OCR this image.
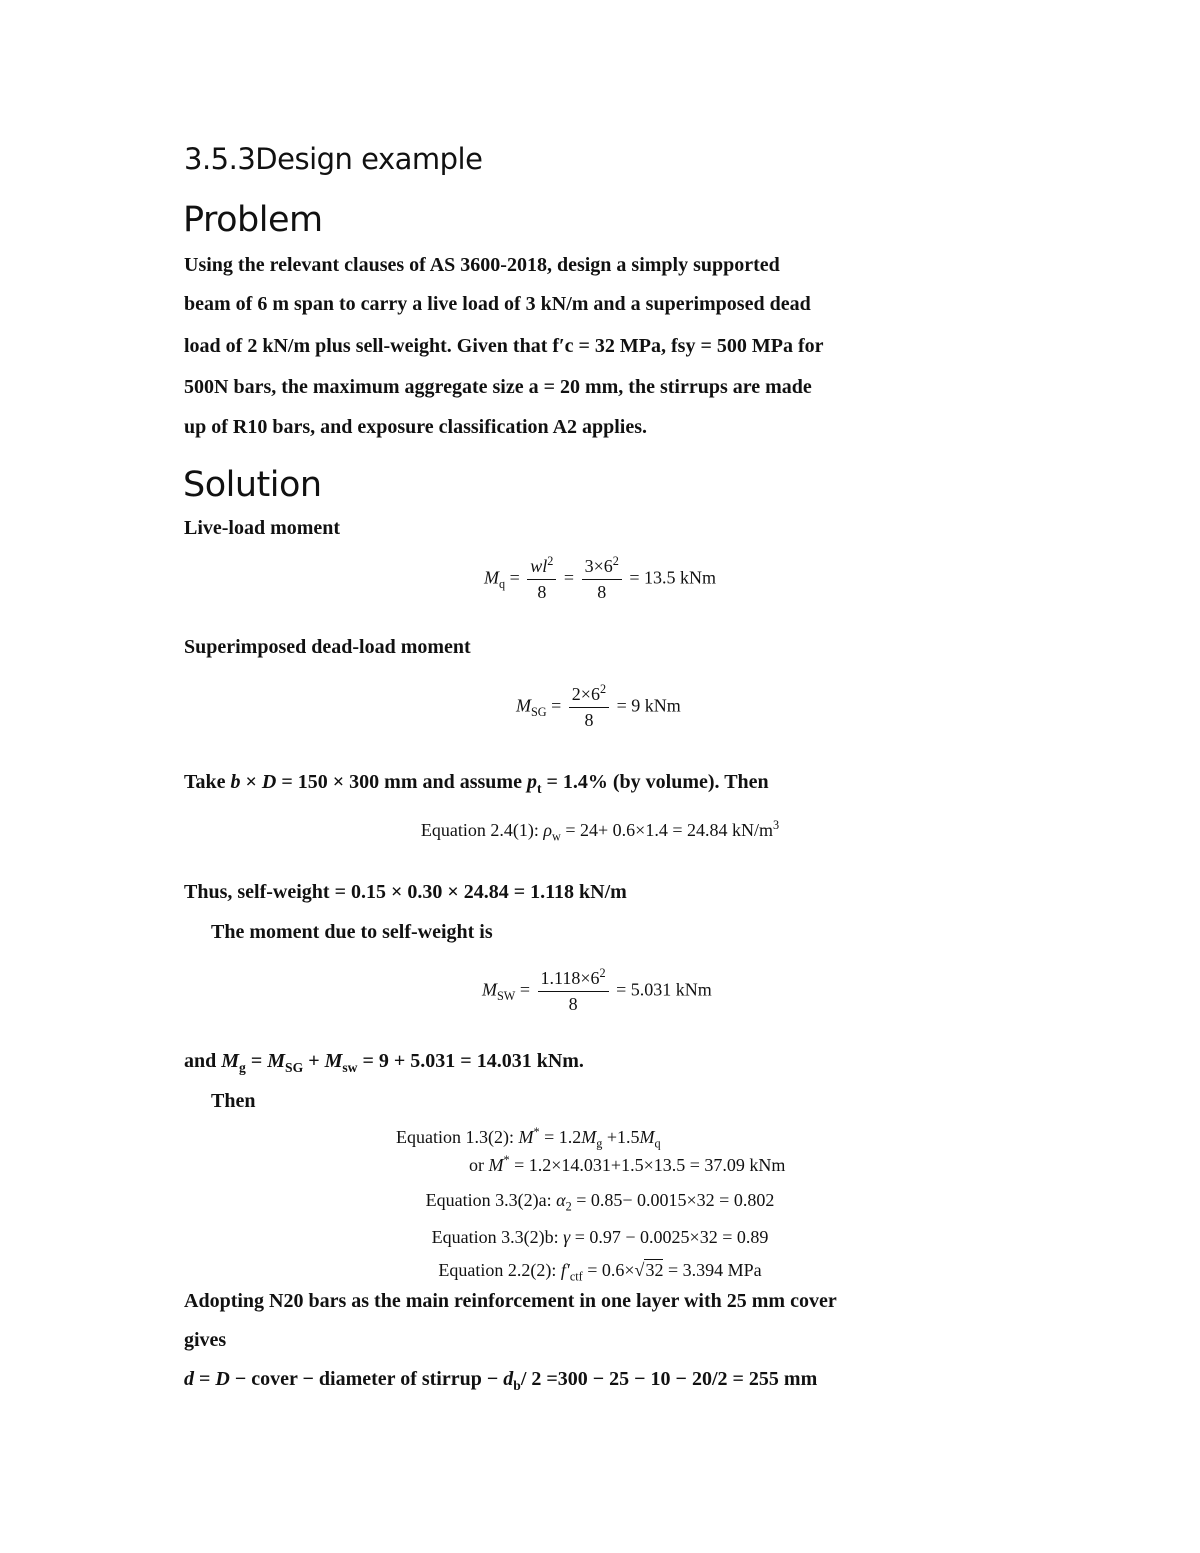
3.5.3Design example
Problem
Using the relevant clauses of AS 3600-2018, design a simply supported
beam of 6 m span to carry a live load of 3 kN/m and a superimposed dead
load of 2 kN/m plus sell-weight. Given that f′c = 32 MPa, fsy = 500 MPa for
500N bars, the maximum aggregate size a = 20 mm, the stirrups are made
up of R10 bars, and exposure classification A2 applies.
Solution
Live-load moment
$M_q = \frac{wl^2}{8} = \frac{3\times 6^2}{8} = 13.5$ kNm
Superimposed dead-load moment
$M_{SG} = \frac{2\times 6^2}{8} = 9$ kNm
Take b × D = 150 × 300 mm and assume $p_t = 1.4\%$ (by volume). Then
Equation 2.4(1): $\rho_w = 24+ 0.6\times 1.4 = 24.84$ $kN/m^3$
Thus, self-weight = 0.15 × 0.30 × 24.84 = 1.118 kN/m
The moment due to self-weight is
$M_{SW} = \frac{1.118\times 6^2}{8} = 5.031$ kNm
and $M_g = M_{SG} + M_{sw} = 9 + 5.031 = 14.031$ kNm.
Then
Equation 1.3(2): $M^* = 1.2M_g +1.5M_q$
or M* = 1.2×14.031+1.5×13.5 = 37.09 kNm
Equation 3.3(2)a: $\alpha_2 = 0.85- 0.0015\times 32 = 0.802$
Equation 3.3(2)b: γ = 0.97 − 0.0025×32 = 0.89
Equation 2.2(2): $f'_{ctf} = 0.6\times√32 = 3.394$ MPa
Adopting N20 bars as the main reinforcement in one layer with 25 mm cover
gives
d = D − cover − diameter of stirrup − $d_b/$ 2 =300 − 25 − 10 − 20/2 = 255 mm
